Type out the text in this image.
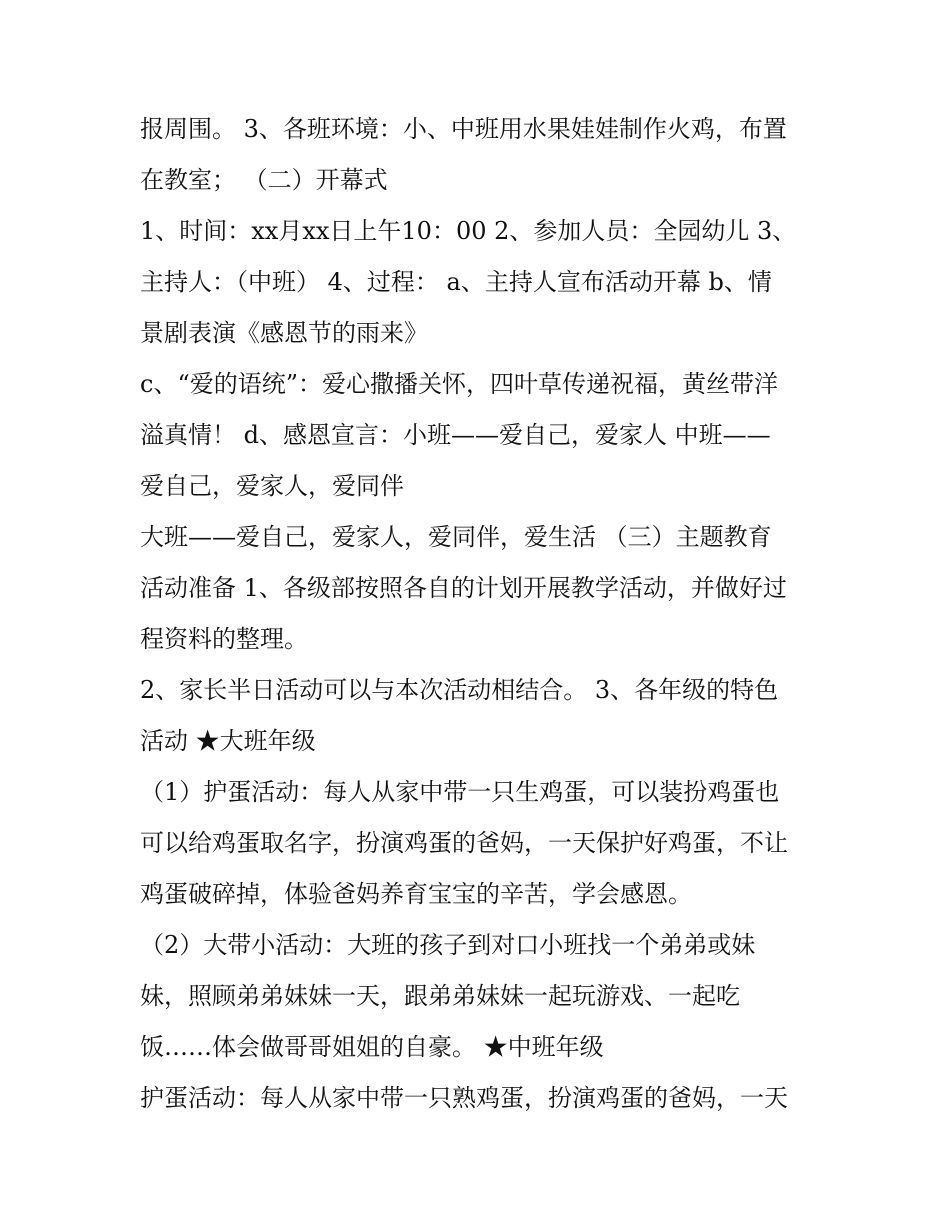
报周围。 3、各班环境：小、中班用水果娃娃制作火鸡，布置
在教室； （二）开幕式
1、时间：xx月xx日上午10：00 2、参加人员：全园幼儿 3、
主持人：（中班） 4、过程： a、主持人宣布活动开幕 b、情
景剧表演《感恩节的雨来》
c、“爱的语统”：爱心撒播关怀，四叶草传递祝福，黄丝带洋
溢真情！ d、感恩宣言：小班——爱自己，爱家人 中班——
爱自己，爱家人，爱同伴
大班——爱自己，爱家人，爱同伴，爱生活 （三）主题教育
活动准备 1、各级部按照各自的计划开展教学活动，并做好过
程资料的整理。
2、家长半日活动可以与本次活动相结合。 3、各年级的特色
活动 ★大班年级
（1）护蛋活动：每人从家中带一只生鸡蛋，可以装扮鸡蛋也
可以给鸡蛋取名字，扮演鸡蛋的爸妈，一天保护好鸡蛋，不让
鸡蛋破碎掉，体验爸妈养育宝宝的辛苦，学会感恩。
（2）大带小活动：大班的孩子到对口小班找一个弟弟或妹
妹，照顾弟弟妹妹一天，跟弟弟妹妹一起玩游戏、一起吃
饭……体会做哥哥姐姐的自豪。 ★中班年级
护蛋活动：每人从家中带一只熟鸡蛋，扮演鸡蛋的爸妈，一天
